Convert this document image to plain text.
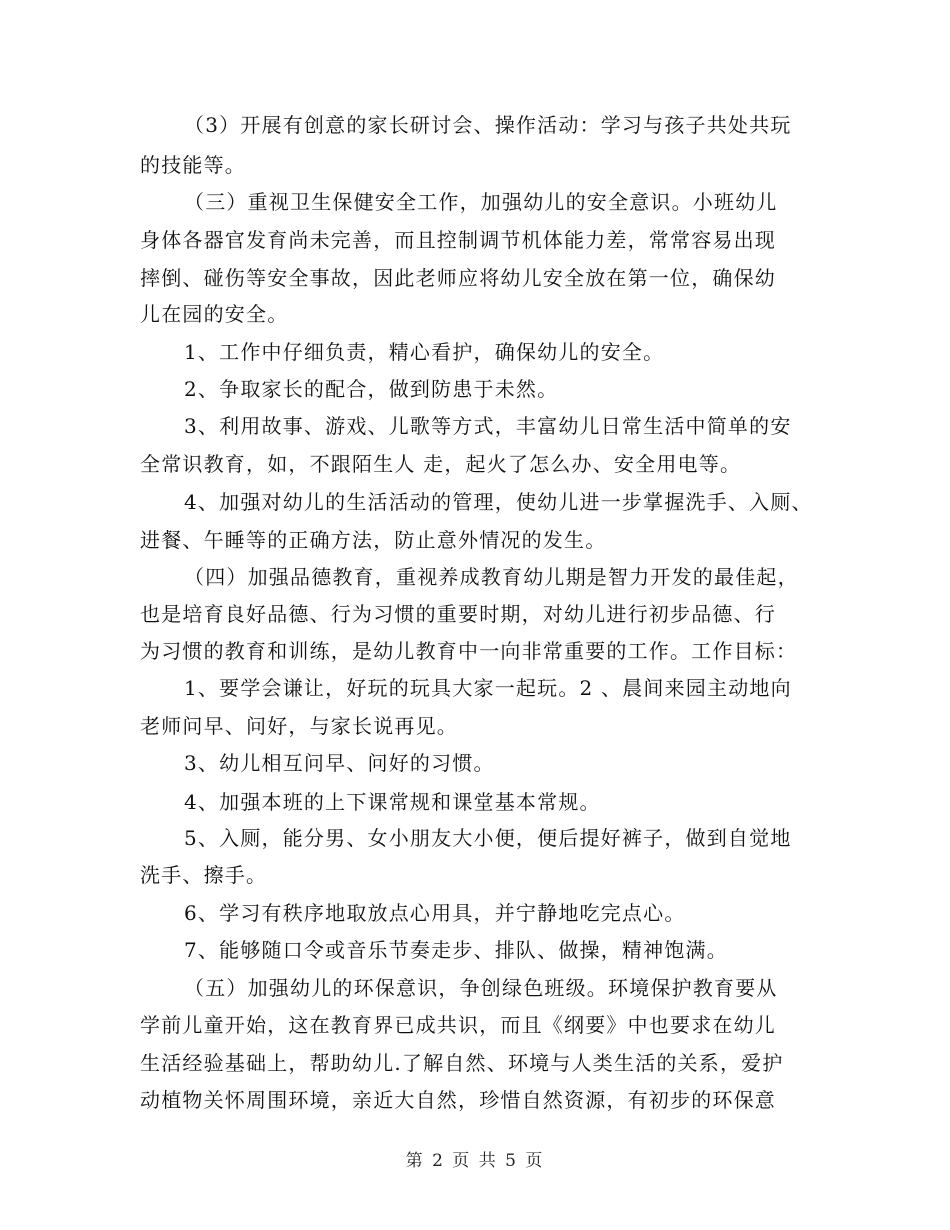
（3）开展有创意的家长研讨会、操作活动：学习与孩子共处共玩
的技能等。
（三）重视卫生保健安全工作，加强幼儿的安全意识。小班幼儿
身体各器官发育尚未完善，而且控制调节机体能力差，常常容易出现
摔倒、碰伤等安全事故，因此老师应将幼儿安全放在第一位，确保幼
儿在园的安全。
1、工作中仔细负责，精心看护，确保幼儿的安全。
2、争取家长的配合，做到防患于未然。
3、利用故事、游戏、儿歌等方式，丰富幼儿日常生活中简单的安
全常识教育，如，不跟陌生人 走，起火了怎么办、安全用电等。
4、加强对幼儿的生活活动的管理，使幼儿进一步掌握洗手、入厕、
进餐、午睡等的正确方法，防止意外情况的发生。
（四）加强品德教育，重视养成教育幼儿期是智力开发的最佳起，
也是培育良好品德、行为习惯的重要时期，对幼儿进行初步品德、行
为习惯的教育和训练，是幼儿教育中一向非常重要的工作。工作目标：
1、要学会谦让，好玩的玩具大家一起玩。2 、晨间来园主动地向
老师问早、问好，与家长说再见。
3、幼儿相互问早、问好的习惯。
4、加强本班的上下课常规和课堂基本常规。
5、入厕，能分男、女小朋友大小便，便后提好裤子，做到自觉地
洗手、擦手。
6、学习有秩序地取放点心用具，并宁静地吃完点心。
7、能够随口令或音乐节奏走步、排队、做操，精神饱满。
（五）加强幼儿的环保意识，争创绿色班级。环境保护教育要从
学前儿童开始，这在教育界已成共识，而且《纲要》中也要求在幼儿
生活经验基础上，帮助幼儿.了解自然、环境与人类生活的关系，爱护
动植物关怀周围环境，亲近大自然，珍惜自然资源，有初步的环保意
第 2 页 共 5 页
